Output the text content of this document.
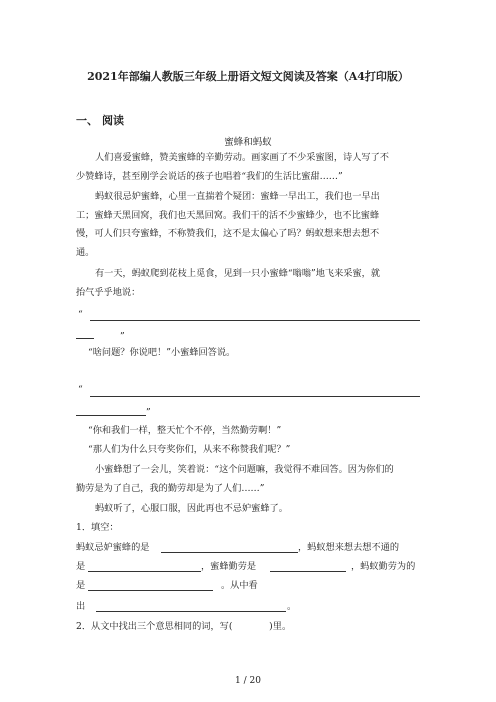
2021年部编人教版三年级上册语文短文阅读及答案（A4打印版）
一、 阅读
蜜蜂和蚂蚁
人们喜爱蜜蜂，赞美蜜蜂的辛勤劳动。画家画了不少采蜜图，诗人写了不
少赞蜂诗，甚至刚学会说话的孩子也唱着“我们的生活比蜜甜……”
蚂蚁很忌妒蜜蜂，心里一直揣着个疑团：蜜蜂一早出工，我们也一早出
工；蜜蜂天黑回窝，我们也天黑回窝。我们干的活不少蜜蜂少，也不比蜜蜂
慢，可人们只夸蜜蜂，不称赞我们，这不是太偏心了吗？蚂蚁想来想去想不
通。
有一天，蚂蚁爬到花枝上觅食，见到一只小蜜蜂“嗡嗡”地飞来采蜜，就
抬气乎乎地说：
“
”
“啥问题？你说吧！”小蜜蜂回答说。
“
”
“你和我们一样，整天忙个不停，当然勤劳啊！”
“那人们为什么只夸奖你们，从来不称赞我们呢？”
小蜜蜂想了一会儿，笑着说：“这个问题嘛，我觉得不难回答。因为你们的
勤劳是为了自己，我的勤劳却是为了人们……”
蚂蚁听了，心服口服，因此再也不忌妒蜜蜂了。
1．填空：
蚂蚁忌妒蜜蜂的是	，蚂蚁想来想去想不通的
是	，蜜蜂勤劳是	，蚂蚁勤劳为的
是	。从中看
出	。
2．从文中找出三个意思相同的词，写(　　　　)里。
1 / 20
